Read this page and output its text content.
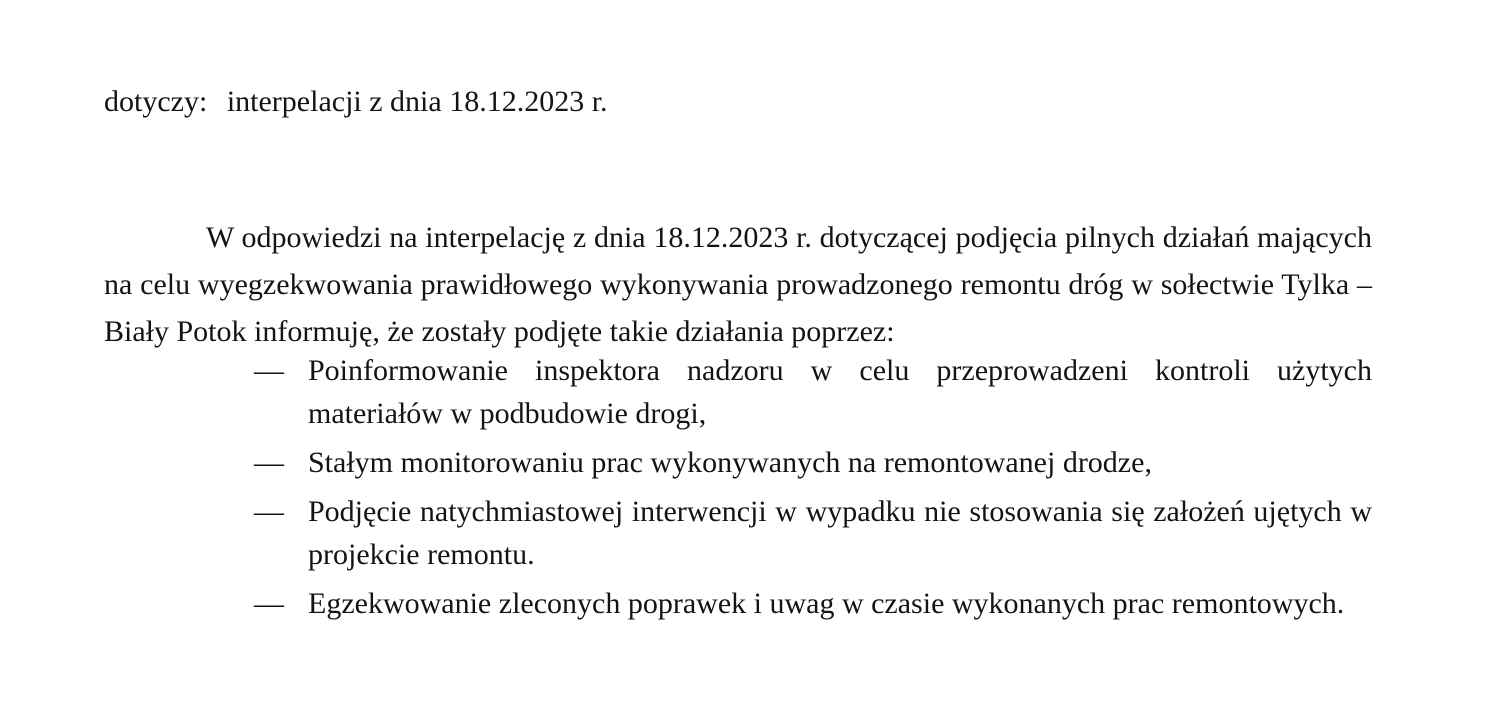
dotyczy: interpelacji z dnia 18.12.2023 r.

W odpowiedzi na interpelację z dnia 18.12.2023 r. dotyczącej podjęcia pilnych działań mających na celu wyegzekwowania prawidłowego wykonywania prowadzonego remontu dróg w sołectwie Tylka – Biały Potok informuję, że zostały podjęte takie działania poprzez:

— Poinformowanie inspektora nadzoru w celu przeprowadzeni kontroli użytych materiałów w podbudowie drogi,
— Stałym monitorowaniu prac wykonywanych na remontowanej drodze,
— Podjęcie natychmiastowej interwencji w wypadku nie stosowania się założeń ujętych w projekcie remontu.
— Egzekwowanie zleconych poprawek i uwag w czasie wykonanych prac remontowych.
